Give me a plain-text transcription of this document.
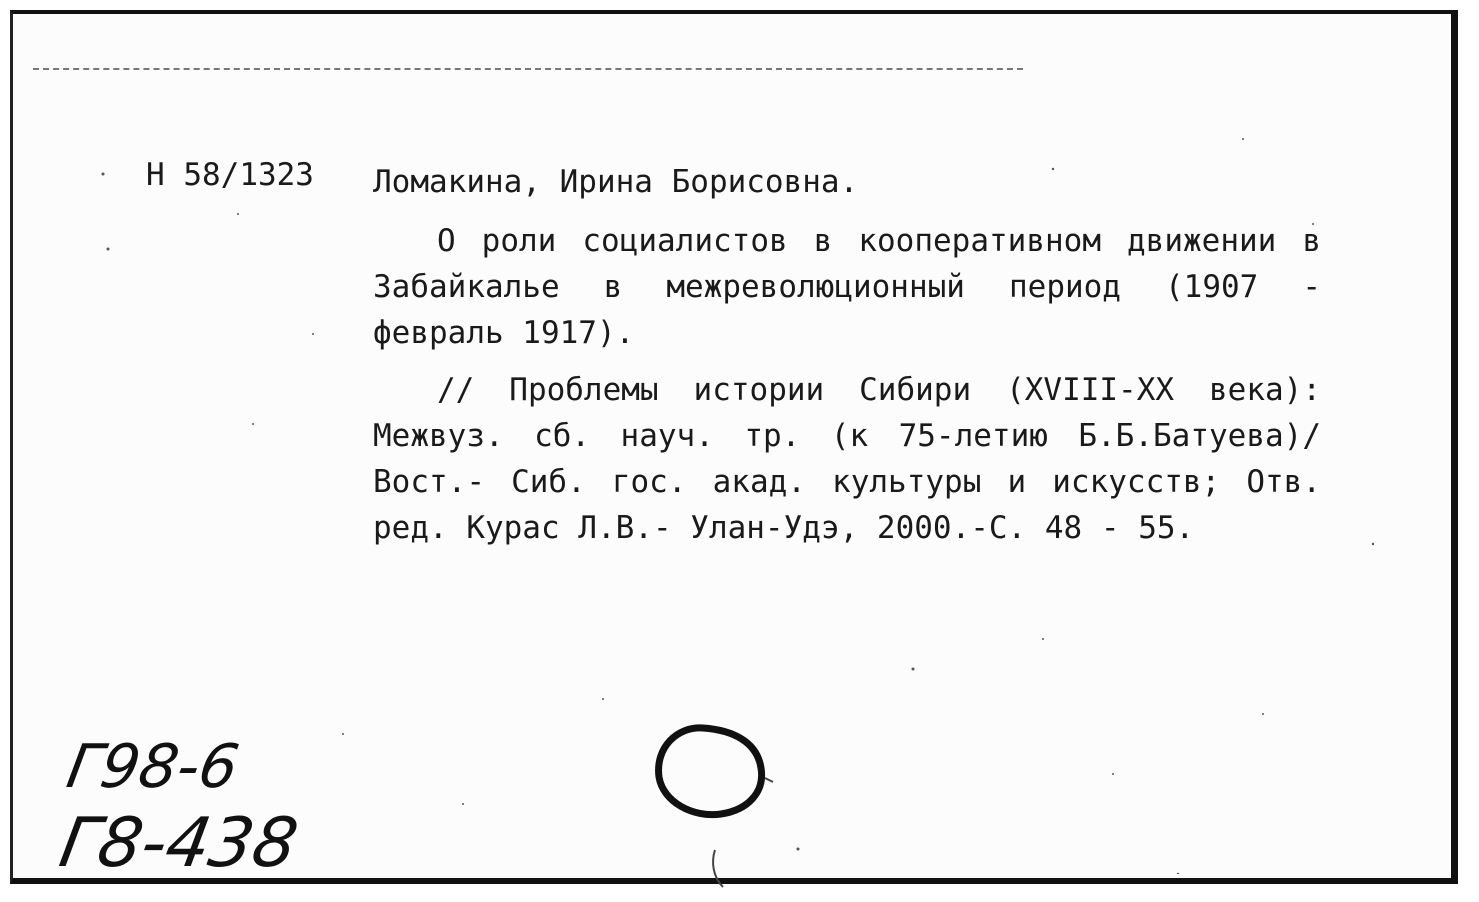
Н 58/1323 Ломакина, Ирина Борисовна.

О роли социалистов в кооперативном движении в Забайкалье в межреволюционный период (1907 - февраль 1917).

// Проблемы истории Сибири (XVIII-XX века): Межвуз. сб. науч. тр. (к 75-летию Б.Б.Батуева)/ Вост.- Сиб. гос. акад. культуры и искусств; Отв. ред. Курас Л.В.- Улан-Удэ, 2000.-С. 48 - 55.

Г98-6
Г8-438
